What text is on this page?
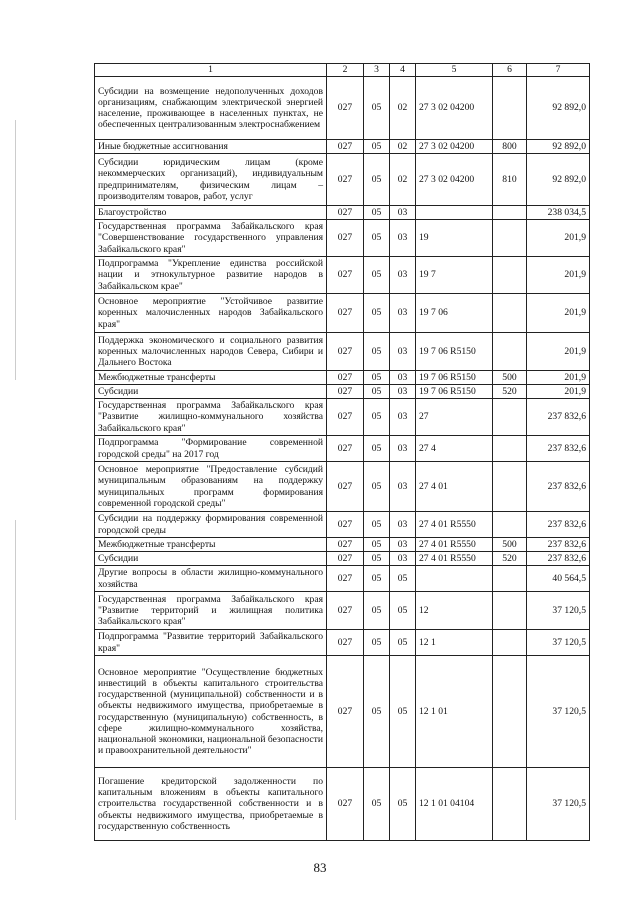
1	2	3	4	5	6	7
Субсидии на возмещение недополученных доходов организациям, снабжающим электрической энергией население, проживающее в населенных пунктах, не обеспеченных централизованным электроснабжением	027	05	02	27 3 02 04200		92 892,0
Иные бюджетные ассигнования	027	05	02	27 3 02 04200	800	92 892,0
Субсидии юридическим лицам (кроме некоммерческих организаций), индивидуальным предпринимателям, физическим лицам – производителям товаров, работ, услуг	027	05	02	27 3 02 04200	810	92 892,0
Благоустройство	027	05	03			238 034,5
Государственная программа Забайкальского края "Совершенствование государственного управления Забайкальского края"	027	05	03	19		201,9
Подпрограмма "Укрепление единства российской нации и этнокультурное развитие народов в Забайкальском крае"	027	05	03	19 7		201,9
Основное мероприятие "Устойчивое развитие коренных малочисленных народов Забайкальского края"	027	05	03	19 7 06		201,9
Поддержка экономического и социального развития коренных малочисленных народов Севера, Сибири и Дальнего Востока	027	05	03	19 7 06 R5150		201,9
Межбюджетные трансферты	027	05	03	19 7 06 R5150	500	201,9
Субсидии	027	05	03	19 7 06 R5150	520	201,9
Государственная программа Забайкальского края "Развитие жилищно-коммунального хозяйства Забайкальского края"	027	05	03	27		237 832,6
Подпрограмма "Формирование современной городской среды" на 2017 год	027	05	03	27 4		237 832,6
Основное мероприятие "Предоставление субсидий муниципальным образованиям на поддержку муниципальных программ формирования современной городской среды"	027	05	03	27 4 01		237 832,6
Субсидии на поддержку формирования современной городской среды	027	05	03	27 4 01 R5550		237 832,6
Межбюджетные трансферты	027	05	03	27 4 01 R5550	500	237 832,6
Субсидии	027	05	03	27 4 01 R5550	520	237 832,6
Другие вопросы в области жилищно-коммунального хозяйства	027	05	05			40 564,5
Государственная программа Забайкальского края "Развитие территорий и жилищная политика Забайкальского края"	027	05	05	12		37 120,5
Подпрограмма "Развитие территорий Забайкальского края"	027	05	05	12 1		37 120,5
Основное мероприятие "Осуществление бюджетных инвестиций в объекты капитального строительства государственной (муниципальной) собственности и в объекты недвижимого имущества, приобретаемые в государственную (муниципальную) собственность, в сфере жилищно-коммунального хозяйства, национальной экономики, национальной безопасности и правоохранительной деятельности"	027	05	05	12 1 01		37 120,5
Погашение кредиторской задолженности по капитальным вложениям в объекты капитального строительства государственной собственности и в объекты недвижимого имущества, приобретаемые в государственную собственность	027	05	05	12 1 01 04104		37 120,5
83
